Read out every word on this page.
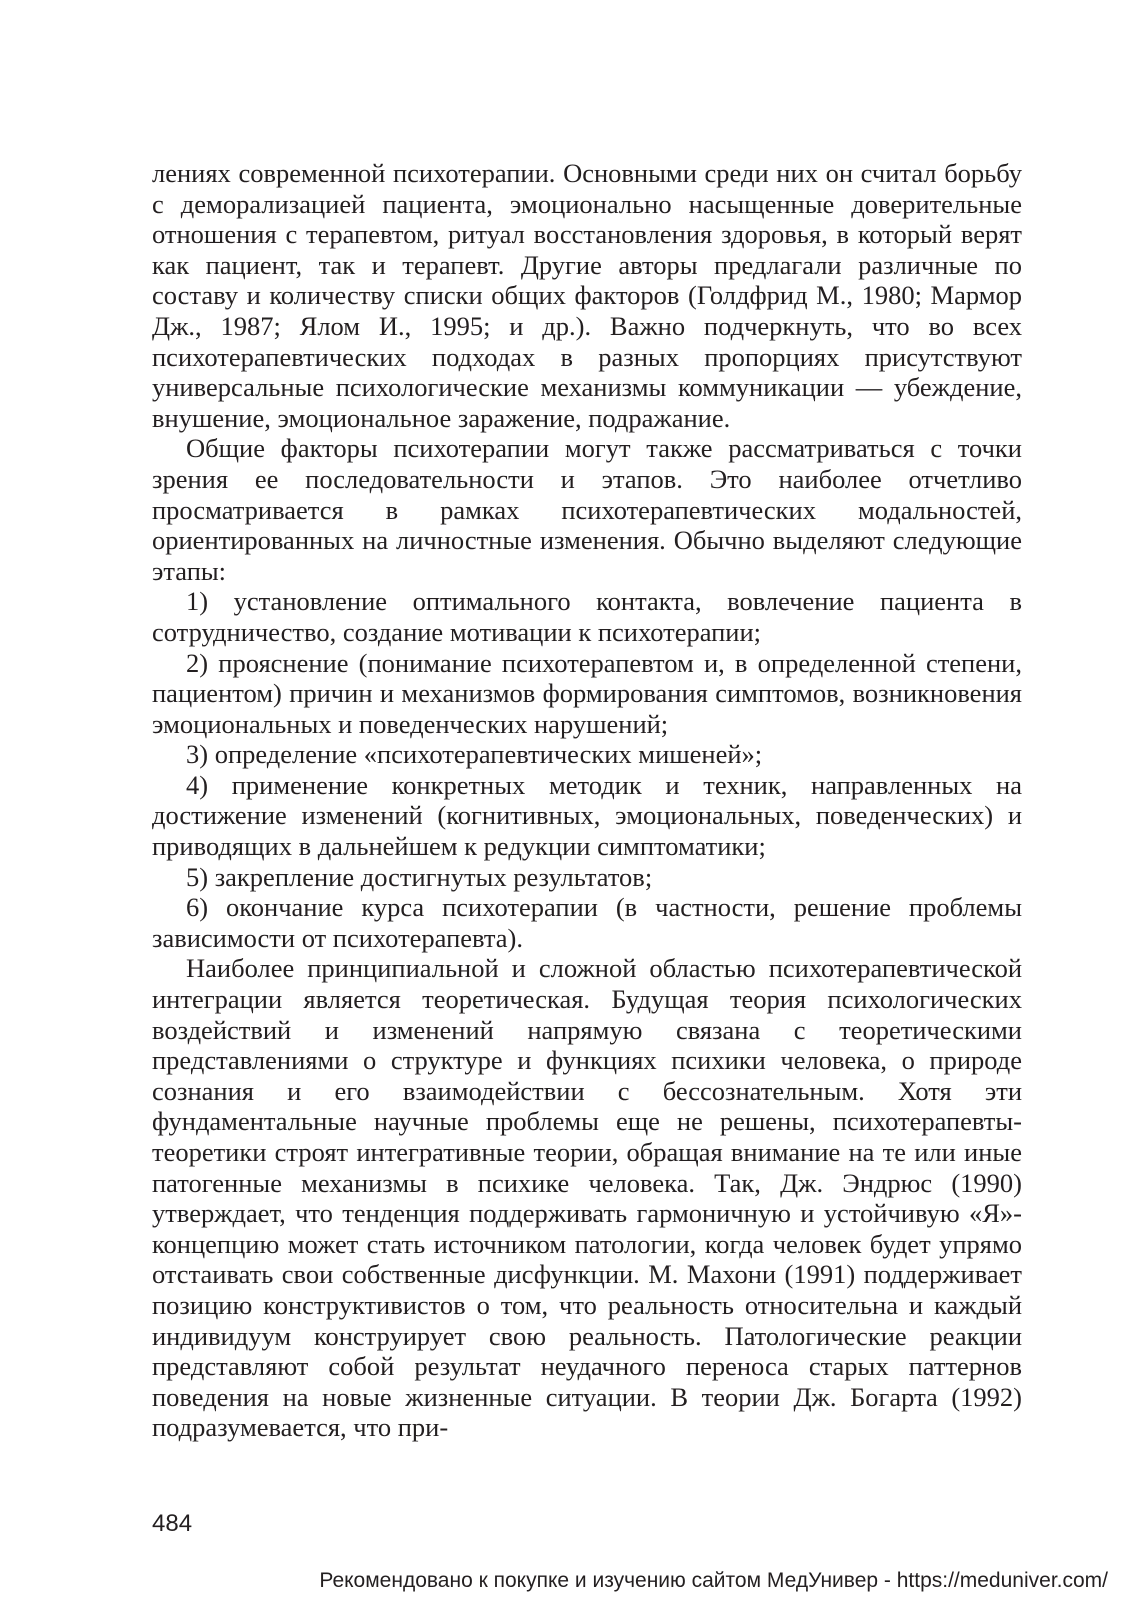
лениях современной психотерапии. Основными среди них он считал борьбу с деморализацией пациента, эмоционально насыщенные доверительные отношения с терапевтом, ритуал восстановления здоровья, в который верят как пациент, так и терапевт. Другие авторы предлагали различные по составу и количеству списки общих факторов (Голдфрид М., 1980; Мармор Дж., 1987; Ялом И., 1995; и др.). Важно подчеркнуть, что во всех психотерапевтических подходах в разных пропорциях присутствуют универсальные психологические механизмы коммуникации — убеждение, внушение, эмоциональное заражение, подражание.

Общие факторы психотерапии могут также рассматриваться с точки зрения ее последовательности и этапов. Это наиболее отчетливо просматривается в рамках психотерапевтических модальностей, ориентированных на личностные изменения. Обычно выделяют следующие этапы:

1) установление оптимального контакта, вовлечение пациента в сотрудничество, создание мотивации к психотерапии;

2) прояснение (понимание психотерапевтом и, в определенной степени, пациентом) причин и механизмов формирования симптомов, возникновения эмоциональных и поведенческих нарушений;

3) определение «психотерапевтических мишеней»;

4) применение конкретных методик и техник, направленных на достижение изменений (когнитивных, эмоциональных, поведенческих) и приводящих в дальнейшем к редукции симптоматики;

5) закрепление достигнутых результатов;

6) окончание курса психотерапии (в частности, решение проблемы зависимости от психотерапевта).

Наиболее принципиальной и сложной областью психотерапевтической интеграции является теоретическая. Будущая теория психологических воздействий и изменений напрямую связана с теоретическими представлениями о структуре и функциях психики человека, о природе сознания и его взаимодействии с бессознательным. Хотя эти фундаментальные научные проблемы еще не решены, психотерапевты-теоретики строят интегративные теории, обращая внимание на те или иные патогенные механизмы в психике человека. Так, Дж. Эндрюс (1990) утверждает, что тенденция поддерживать гармоничную и устойчивую «Я»-концепцию может стать источником патологии, когда человек будет упрямо отстаивать свои собственные дисфункции. М. Махони (1991) поддерживает позицию конструктивистов о том, что реальность относительна и каждый индивидуум конструирует свою реальность. Патологические реакции представляют собой результат неудачного переноса старых паттернов поведения на новые жизненные ситуации. В теории Дж. Богарта (1992) подразумевается, что при-

484
Рекомендовано к покупке и изучению сайтом МедУнивер - https://meduniver.com/
